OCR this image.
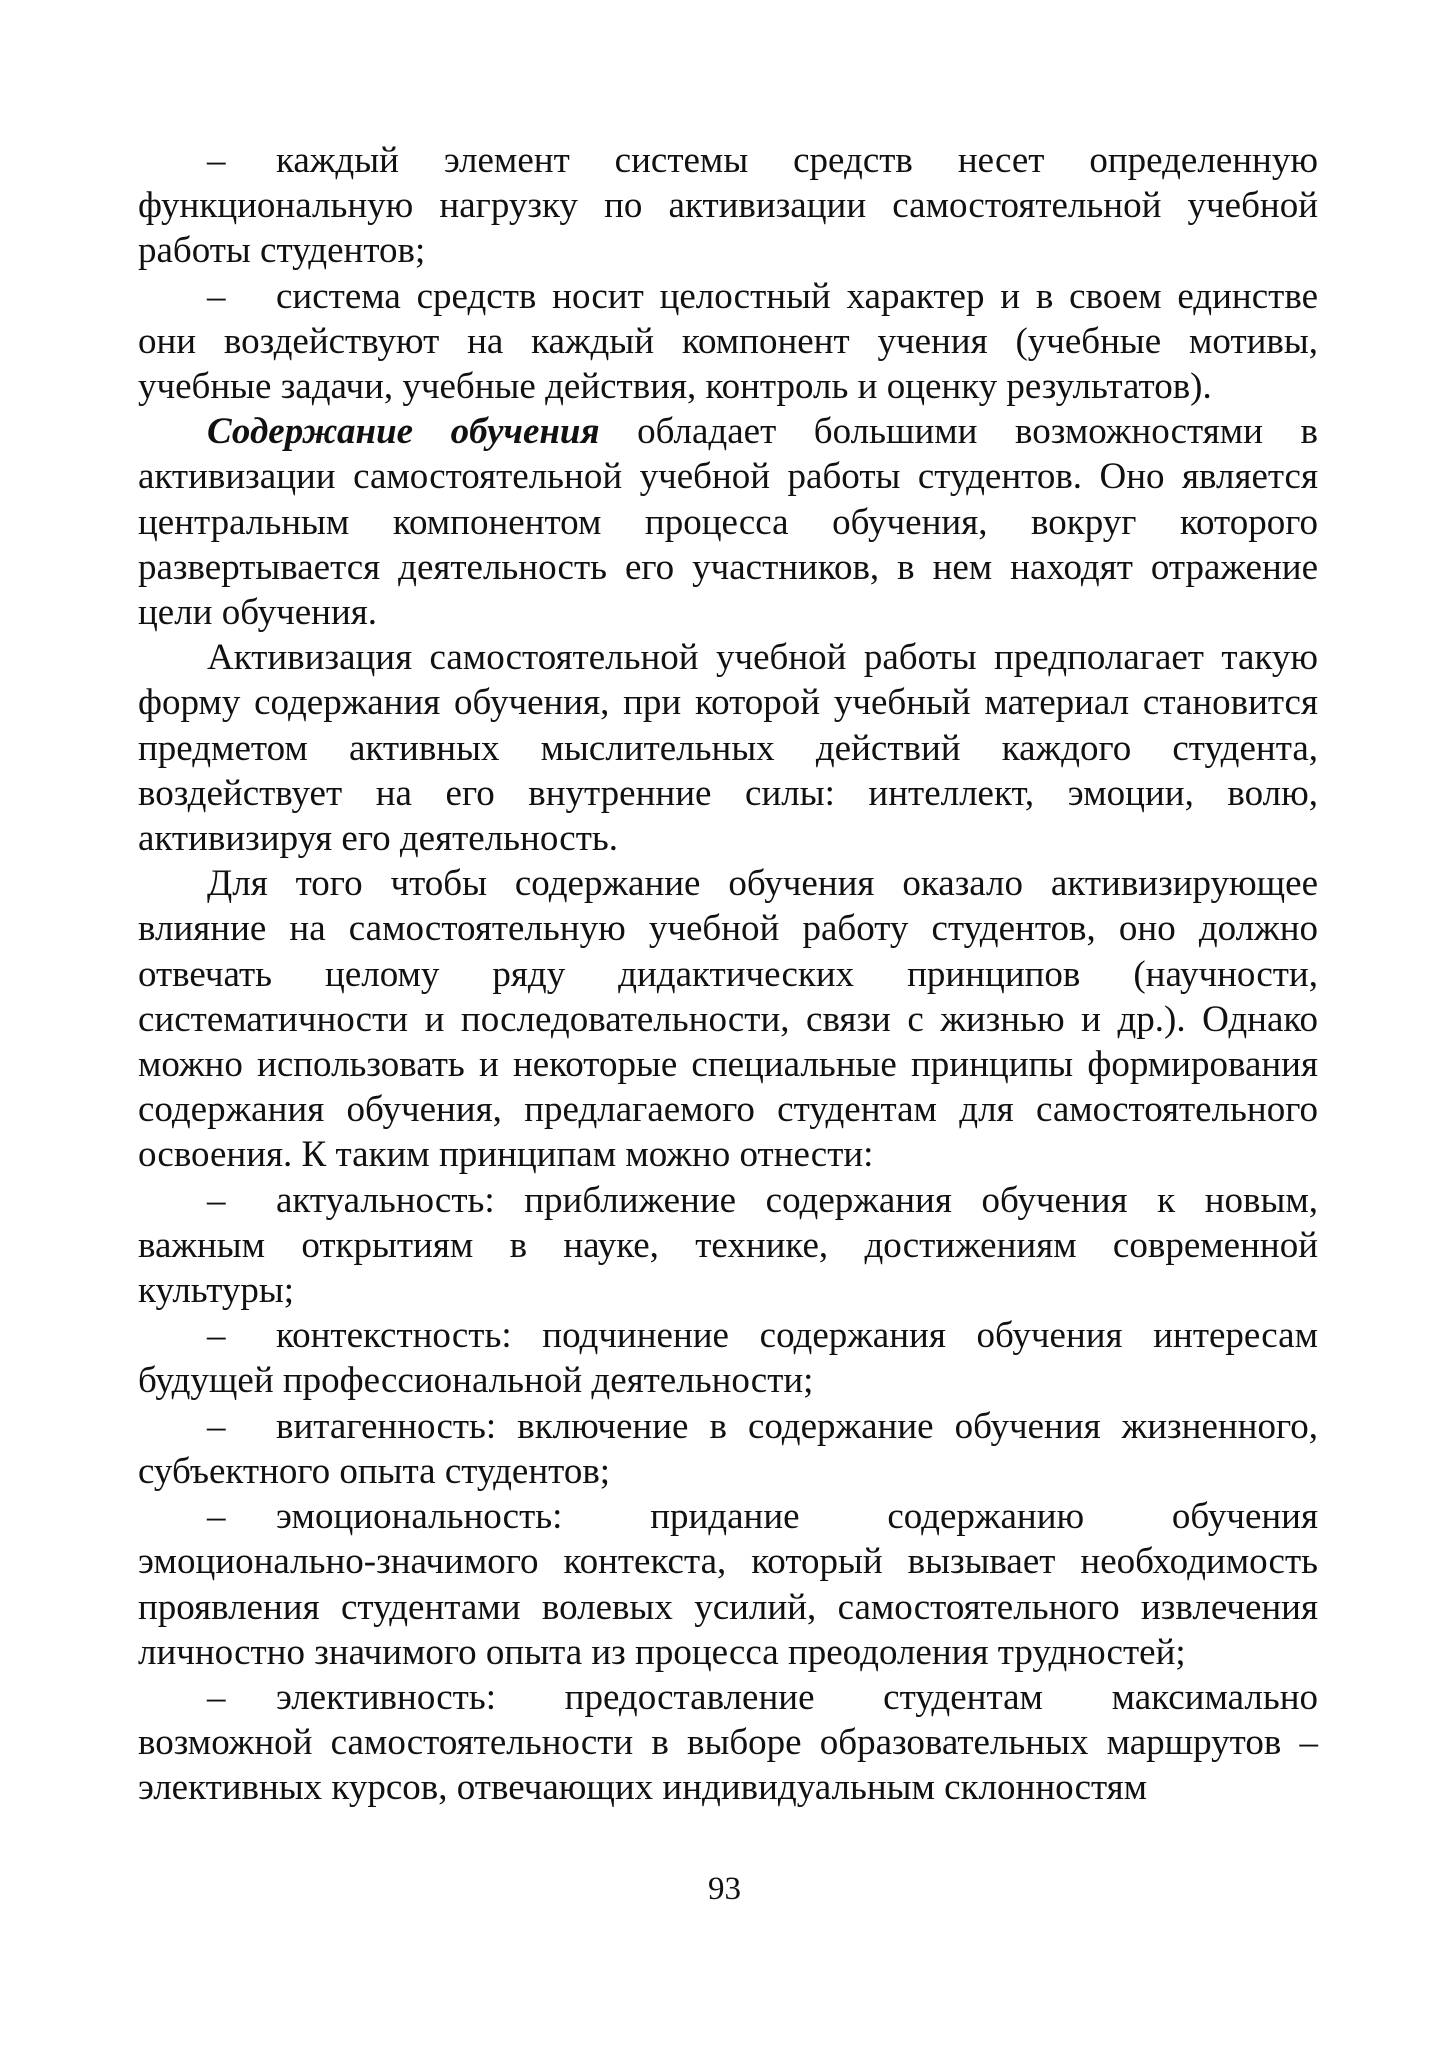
– каждый элемент системы средств несет определенную функциональную нагрузку по активизации самостоятельной учебной работы студентов;

– система средств носит целостный характер и в своем единстве они воздействуют на каждый компонент учения (учебные мотивы, учебные задачи, учебные действия, контроль и оценку результатов).

Содержание обучения обладает большими возможностями в активизации самостоятельной учебной работы студентов. Оно является центральным компонентом процесса обучения, вокруг которого развертывается деятельность его участников, в нем находят отражение цели обучения.

Активизация самостоятельной учебной работы предполагает такую форму содержания обучения, при которой учебный материал становится предметом активных мыслительных действий каждого студента, воздействует на его внутренние силы: интеллект, эмоции, волю, активизируя его деятельность.

Для того чтобы содержание обучения оказало активизирующее влияние на самостоятельную учебной работу студентов, оно должно отвечать целому ряду дидактических принципов (научности, систематичности и последовательности, связи с жизнью и др.). Однако можно использовать и некоторые специальные принципы формирования содержания обучения, предлагаемого студентам для самостоятельного освоения. К таким принципам можно отнести:

– актуальность: приближение содержания обучения к новым, важным открытиям в науке, технике, достижениям современной культуры;

– контекстность: подчинение содержания обучения интересам будущей профессиональной деятельности;

– витагенность: включение в содержание обучения жизненного, субъектного опыта студентов;

– эмоциональность: придание содержанию обучения эмоционально-значимого контекста, который вызывает необходимость проявления студентами волевых усилий, самостоятельного извлечения личностно значимого опыта из процесса преодоления трудностей;

– элективность: предоставление студентам максимально возможной самостоятельности в выборе образовательных маршрутов – элективных курсов, отвечающих индивидуальным склонностям

93
